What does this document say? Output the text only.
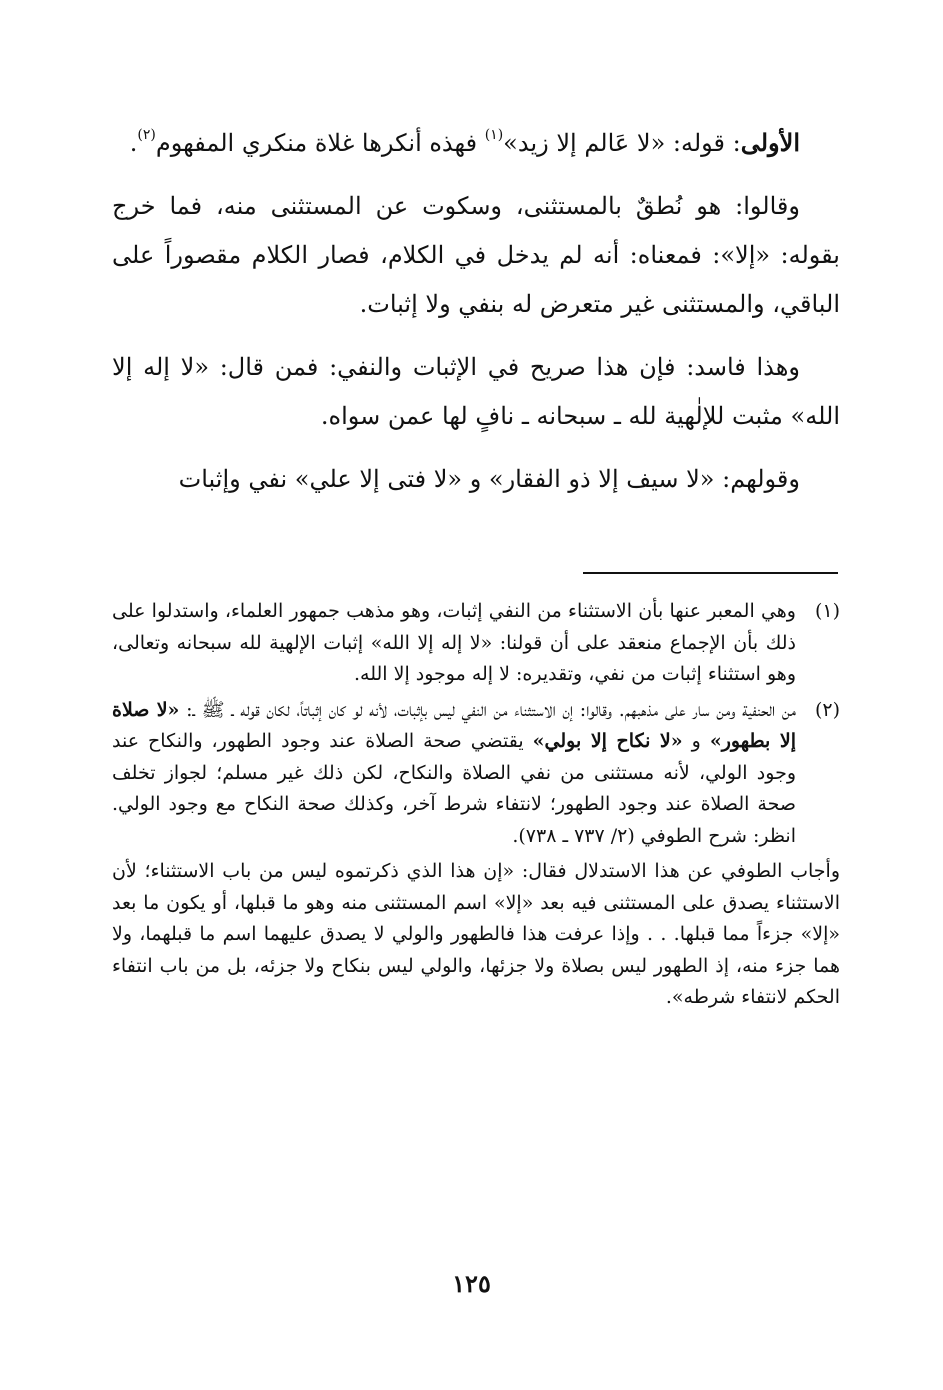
الأولى: قوله: «لا عَالم إلا زيد»$^{(١)}$ فهذه أنكرها غلاة منكري المفهوم$^{(٢)}$.

وقالوا: هو نُطقٌ بالمستثنى، وسكوت عن المستثنى منه، فما خرج بقوله: «إلا»: فمعناه: أنه لم يدخل في الكلام، فصار الكلام مقصوراً على الباقي، والمستثنى غير متعرض له بنفي ولا إثبات.

وهذا فاسد: فإن هذا صريح في الإثبات والنفي: فمن قال: «لا إله إلا الله» مثبت للإلٰهية لله ـ سبحانه ـ نافٍ لها عمن سواه.

وقولهم: «لا سيف إلا ذو الفقار» و «لا فتى إلا علي» نفي وإثبات

(١)

وهي المعبر عنها بأن الاستثناء من النفي إثبات، وهو مذهب جمهور العلماء، واستدلوا على ذلك بأن الإجماع منعقد على أن قولنا: «لا إله إلا الله» إثبات الإلهية لله سبحانه وتعالى، وهو استثناء إثبات من نفي، وتقديره: لا إله موجود إلا الله.

(٢)

من الحنفية ومن سار على مذهبهم. وقالوا: إن الاستثناء من النفي ليس بإثبات، لأنه لو كان إثباتاً، لكان قوله ـ ﷺ ـ: «لا صلاة إلا بطهور» و «لا نكاح إلا بولي» يقتضي صحة الصلاة عند وجود الطهور، والنكاح عند وجود الولي، لأنه مستثنى من نفي الصلاة والنكاح، لكن ذلك غير مسلم؛ لجواز تخلف صحة الصلاة عند وجود الطهور؛ لانتفاء شرط آخر، وكذلك صحة النكاح مع وجود الولي. انظر: شرح الطوفي (٢/ ٧٣٧ ـ ٧٣٨).

وأجاب الطوفي عن هذا الاستدلال فقال: «إن هذا الذي ذكرتموه ليس من باب الاستثناء؛ لأن الاستثناء يصدق على المستثنى فيه بعد «إلا» اسم المستثنى منه وهو ما قبلها، أو يكون ما بعد «إلا» جزءاً مما قبلها. . . وإذا عرفت هذا فالطهور والولي لا يصدق عليهما اسم ما قبلهما، ولا هما جزء منه، إذ الطهور ليس بصلاة ولا جزئها، والولي ليس بنكاح ولا جزئه، بل من باب انتفاء الحكم لانتفاء شرطه».

١٢٥
